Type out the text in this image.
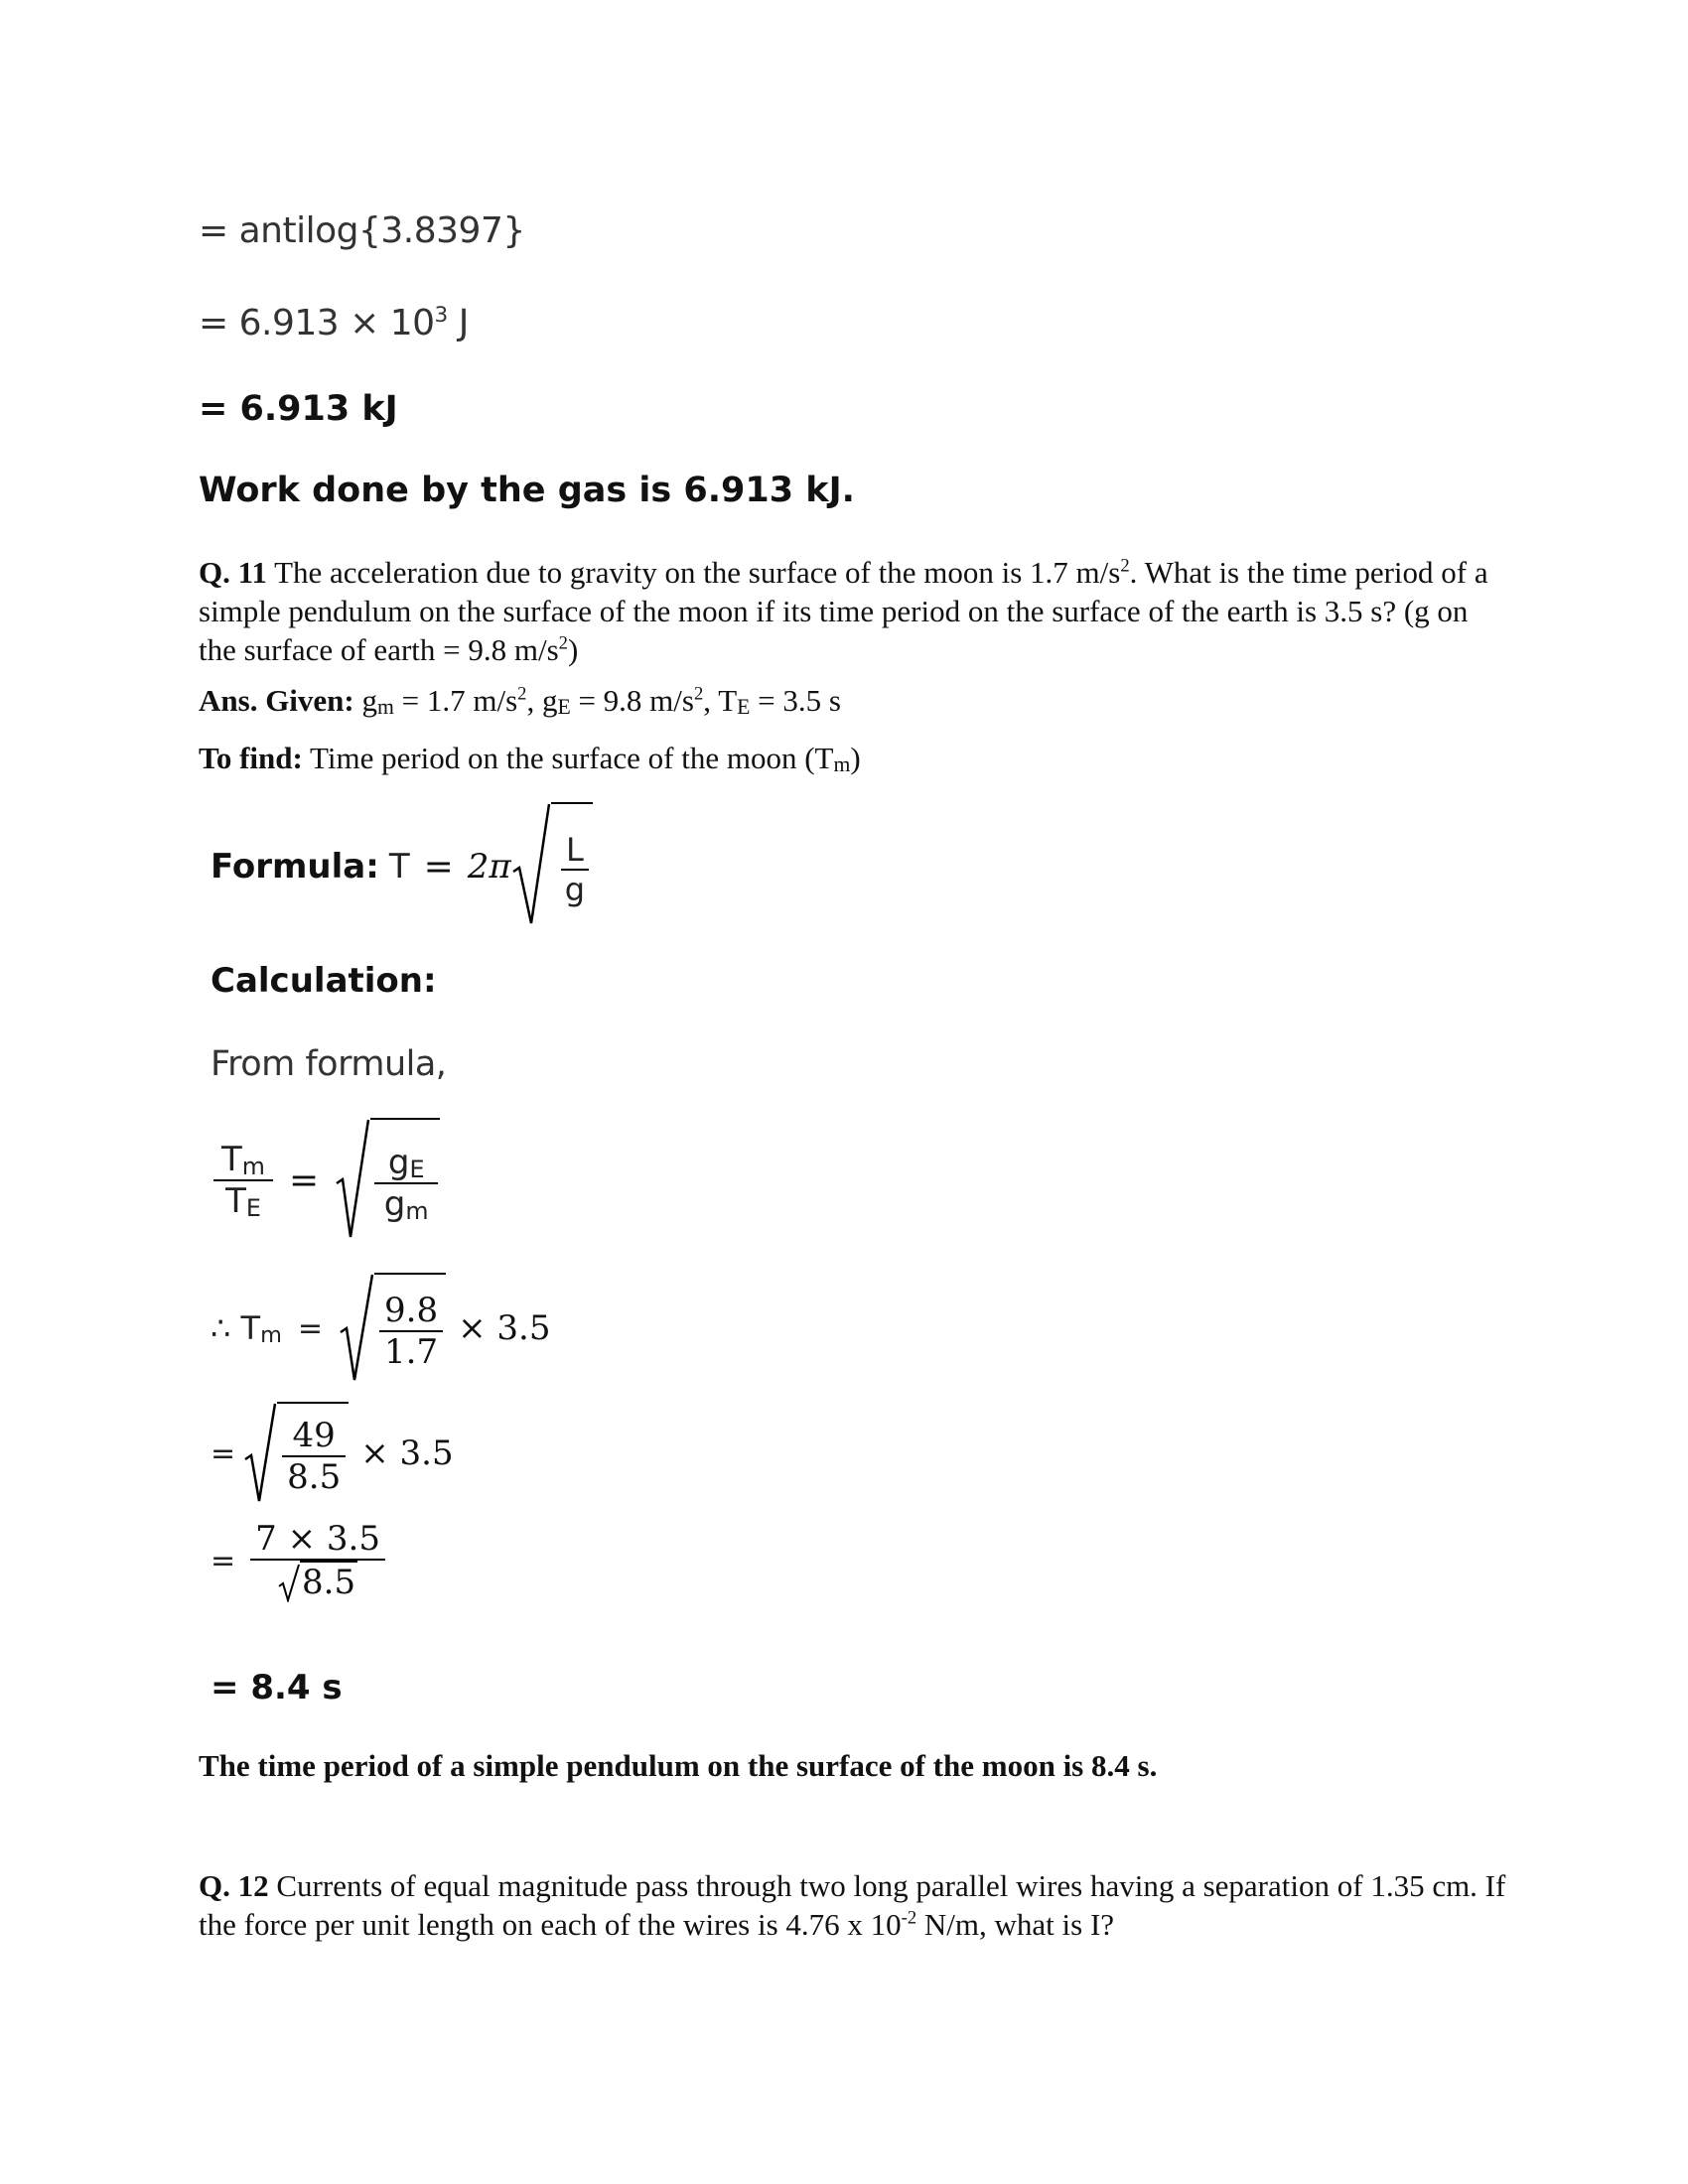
= antilog{3.8397}
= $6.913 \times 10^3$ J
= 6.913 kJ
Work done by the gas is 6.913 kJ.
Q. 11 The acceleration due to gravity on the surface of the moon is 1.7 $m/s^2$. What is the time period of a simple pendulum on the surface of the moon if its time period on the surface of the earth is 3.5 s? (g on the surface of earth = 9.8 $m/s^2$)
Ans. Given: gm = 1.7 $m/s^2$, gE = 9.8 $m/s^2$, TE = 3.5 s
To find: Time period on the surface of the moon (Tm)
Formula: $T = 2\pi \frac{L}{g}$
Calculation:
From formula,
$\frac{Tm}{TE} = \frac{gE}{gm}$
∴ $Tm = \frac{9.8}{1.7} \times 3.5$
= $\frac{49}{8.5} \times 3.5$
= $\frac{7 \times 3.5}{8.5}$
= 8.4 s
The time period of a simple pendulum on the surface of the moon is 8.4 s.
Q. 12 Currents of equal magnitude pass through two long parallel wires having a separation of 1.35 cm. If the force per unit length on each of the wires is 4.76 x $10^{-2}$ N/m, what is I?
